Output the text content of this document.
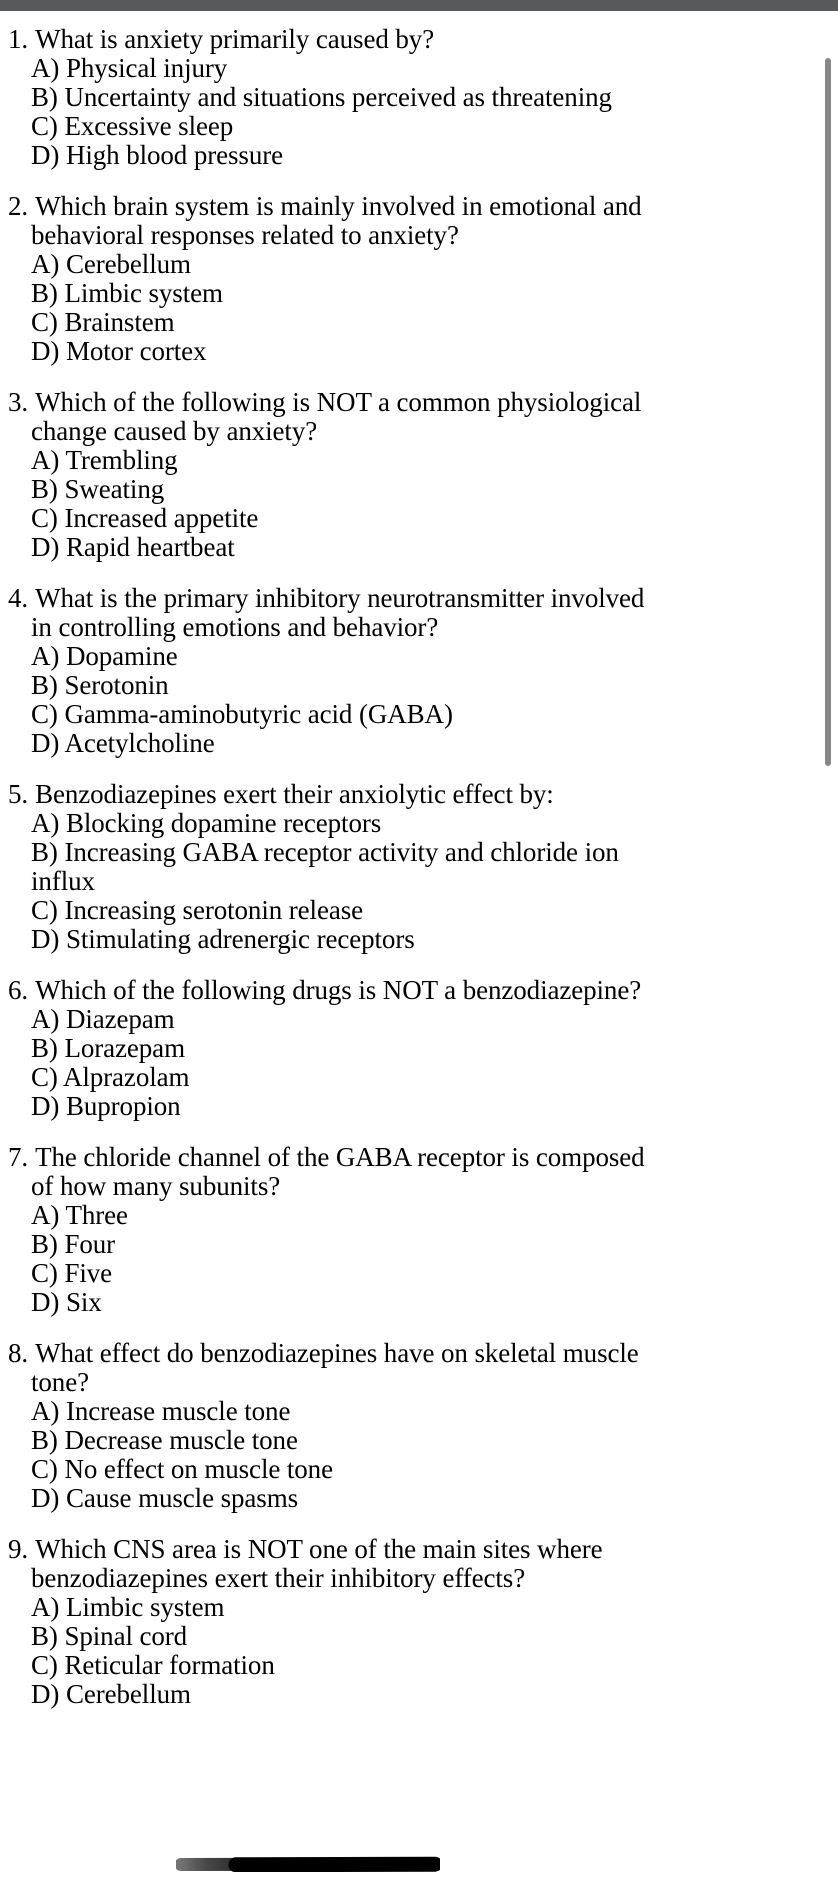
1. What is anxiety primarily caused by?
A) Physical injury
B) Uncertainty and situations perceived as threatening
C) Excessive sleep
D) High blood pressure
2. Which brain system is mainly involved in emotional and
behavioral responses related to anxiety?
A) Cerebellum
B) Limbic system
C) Brainstem
D) Motor cortex
3. Which of the following is NOT a common physiological
change caused by anxiety?
A) Trembling
B) Sweating
C) Increased appetite
D) Rapid heartbeat
4. What is the primary inhibitory neurotransmitter involved
in controlling emotions and behavior?
A) Dopamine
B) Serotonin
C) Gamma-aminobutyric acid (GABA)
D) Acetylcholine
5. Benzodiazepines exert their anxiolytic effect by:
A) Blocking dopamine receptors
B) Increasing GABA receptor activity and chloride ion
influx
C) Increasing serotonin release
D) Stimulating adrenergic receptors
6. Which of the following drugs is NOT a benzodiazepine?
A) Diazepam
B) Lorazepam
C) Alprazolam
D) Bupropion
7. The chloride channel of the GABA receptor is composed
of how many subunits?
A) Three
B) Four
C) Five
D) Six
8. What effect do benzodiazepines have on skeletal muscle
tone?
A) Increase muscle tone
B) Decrease muscle tone
C) No effect on muscle tone
D) Cause muscle spasms
9. Which CNS area is NOT one of the main sites where
benzodiazepines exert their inhibitory effects?
A) Limbic system
B) Spinal cord
C) Reticular formation
D) Cerebellum
